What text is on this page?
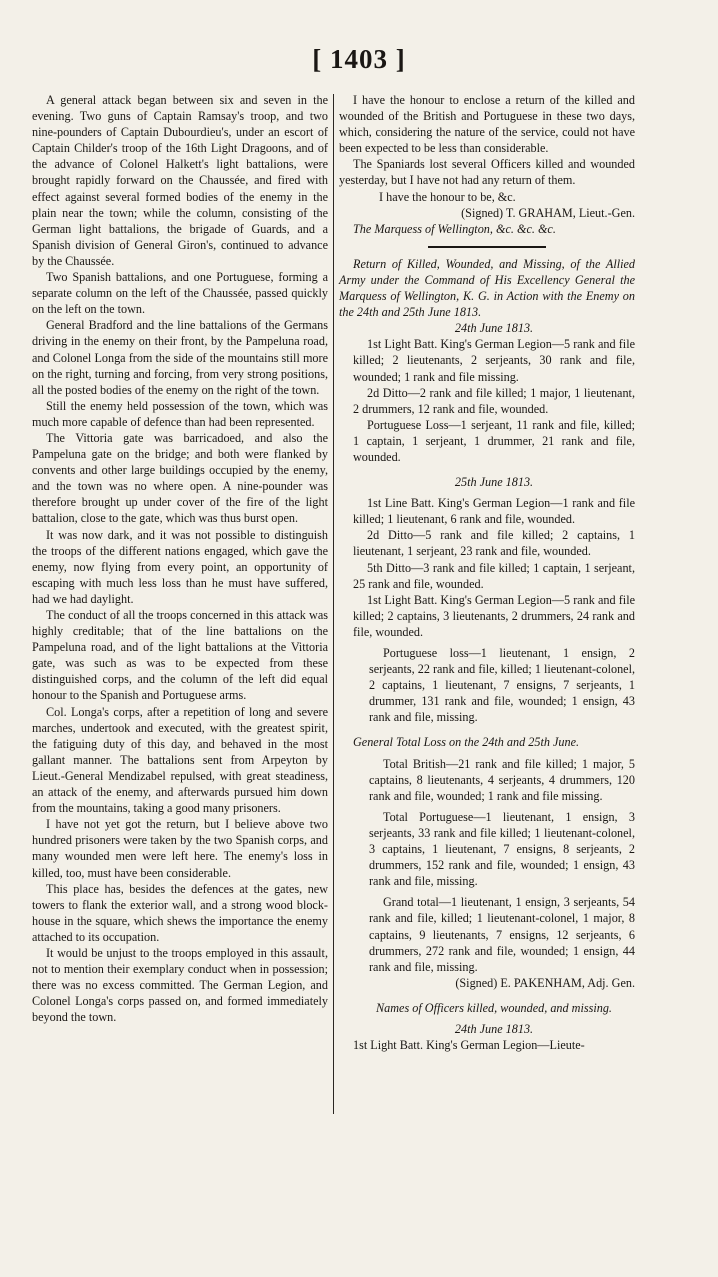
[ 1403 ]

A general attack began between six and seven in the evening. Two guns of Captain Ramsay's troop, and two nine-pounders of Captain Dubourdieu's, under an escort of Captain Childer's troop of the 16th Light Dragoons, and of the advance of Colonel Halkett's light battalions, were brought rapidly forward on the Chaussée, and fired with effect against several formed bodies of the enemy in the plain near the town; while the column, consisting of the German light battalions, the brigade of Guards, and a Spanish division of General Giron's, continued to advance by the Chaussée.

Two Spanish battalions, and one Portuguese, forming a separate column on the left of the Chaussée, passed quickly on the left on the town.

General Bradford and the line battalions of the Germans driving in the enemy on their front, by the Pampeluna road, and Colonel Longa from the side of the mountains still more on the right, turning and forcing, from very strong positions, all the posted bodies of the enemy on the right of the town.

Still the enemy held possession of the town, which was much more capable of defence than had been represented.

The Vittoria gate was barricadoed, and also the Pampeluna gate on the bridge; and both were flanked by convents and other large buildings occupied by the enemy, and the town was no where open. A nine-pounder was therefore brought up under cover of the fire of the light battalion, close to the gate, which was thus burst open.

It was now dark, and it was not possible to distinguish the troops of the different nations engaged, which gave the enemy, now flying from every point, an opportunity of escaping with much less loss than he must have suffered, had we had daylight.

The conduct of all the troops concerned in this attack was highly creditable; that of the line battalions on the Pampeluna road, and of the light battalions at the Vittoria gate, was such as was to be expected from these distinguished corps, and the column of the left did equal honour to the Spanish and Portuguese arms.

Col. Longa's corps, after a repetition of long and severe marches, undertook and executed, with the greatest spirit, the fatiguing duty of this day, and behaved in the most gallant manner. The battalions sent from Arpeyton by Lieut.-General Mendizabel repulsed, with great steadiness, an attack of the enemy, and afterwards pursued him down from the mountains, taking a good many prisoners.

I have not yet got the return, but I believe above two hundred prisoners were taken by the two Spanish corps, and many wounded men were left here. The enemy's loss in killed, too, must have been considerable.

This place has, besides the defences at the gates, new towers to flank the exterior wall, and a strong wood block-house in the square, which shews the importance the enemy attached to its occupation.

It would be unjust to the troops employed in this assault, not to mention their exemplary conduct when in possession; there was no excess committed. The German Legion, and Colonel Longa's corps passed on, and formed immediately beyond the town.

I have the honour to enclose a return of the killed and wounded of the British and Portuguese in these two days, which, considering the nature of the service, could not have been expected to be less than considerable.

The Spaniards lost several Officers killed and wounded yesterday, but I have not had any return of them.

I have the honour to be, &c.

(Signed) T. GRAHAM, Lieut.-Gen.

The Marquess of Wellington, &c. &c. &c.

Return of Killed, Wounded, and Missing, of the Allied Army under the Command of His Excellency General the Marquess of Wellington, K. G. in Action with the Enemy on the 24th and 25th June 1813.

24th June 1813.

1st Light Batt. King's German Legion—5 rank and file killed; 2 lieutenants, 2 serjeants, 30 rank and file, wounded; 1 rank and file missing.

2d Ditto—2 rank and file killed; 1 major, 1 lieutenant, 2 drummers, 12 rank and file, wounded.

Portuguese Loss—1 serjeant, 11 rank and file, killed; 1 captain, 1 serjeant, 1 drummer, 21 rank and file, wounded.

25th June 1813.

1st Line Batt. King's German Legion—1 rank and file killed; 1 lieutenant, 6 rank and file, wounded.

2d Ditto—5 rank and file killed; 2 captains, 1 lieutenant, 1 serjeant, 23 rank and file, wounded.

5th Ditto—3 rank and file killed; 1 captain, 1 serjeant, 25 rank and file, wounded.

1st Light Batt. King's German Legion—5 rank and file killed; 2 captains, 3 lieutenants, 2 drummers, 24 rank and file, wounded.

Portuguese loss—1 lieutenant, 1 ensign, 2 serjeants, 22 rank and file, killed; 1 lieutenant-colonel, 2 captains, 1 lieutenant, 7 ensigns, 7 serjeants, 1 drummer, 131 rank and file, wounded; 1 ensign, 43 rank and file, missing.

General Total Loss on the 24th and 25th June.

Total British—21 rank and file killed; 1 major, 5 captains, 8 lieutenants, 4 serjeants, 4 drummers, 120 rank and file, wounded; 1 rank and file missing.

Total Portuguese—1 lieutenant, 1 ensign, 3 serjeants, 33 rank and file killed; 1 lieutenant-colonel, 3 captains, 1 lieutenant, 7 ensigns, 8 serjeants, 2 drummers, 152 rank and file, wounded; 1 ensign, 43 rank and file, missing.

Grand total—1 lieutenant, 1 ensign, 3 serjeants, 54 rank and file, killed; 1 lieutenant-colonel, 1 major, 8 captains, 9 lieutenants, 7 ensigns, 12 serjeants, 6 drummers, 272 rank and file, wounded; 1 ensign, 44 rank and file, missing.

(Signed) E. PAKENHAM, Adj. Gen.

Names of Officers killed, wounded, and missing.

24th June 1813.

1st Light Batt. King's German Legion—Lieute-
